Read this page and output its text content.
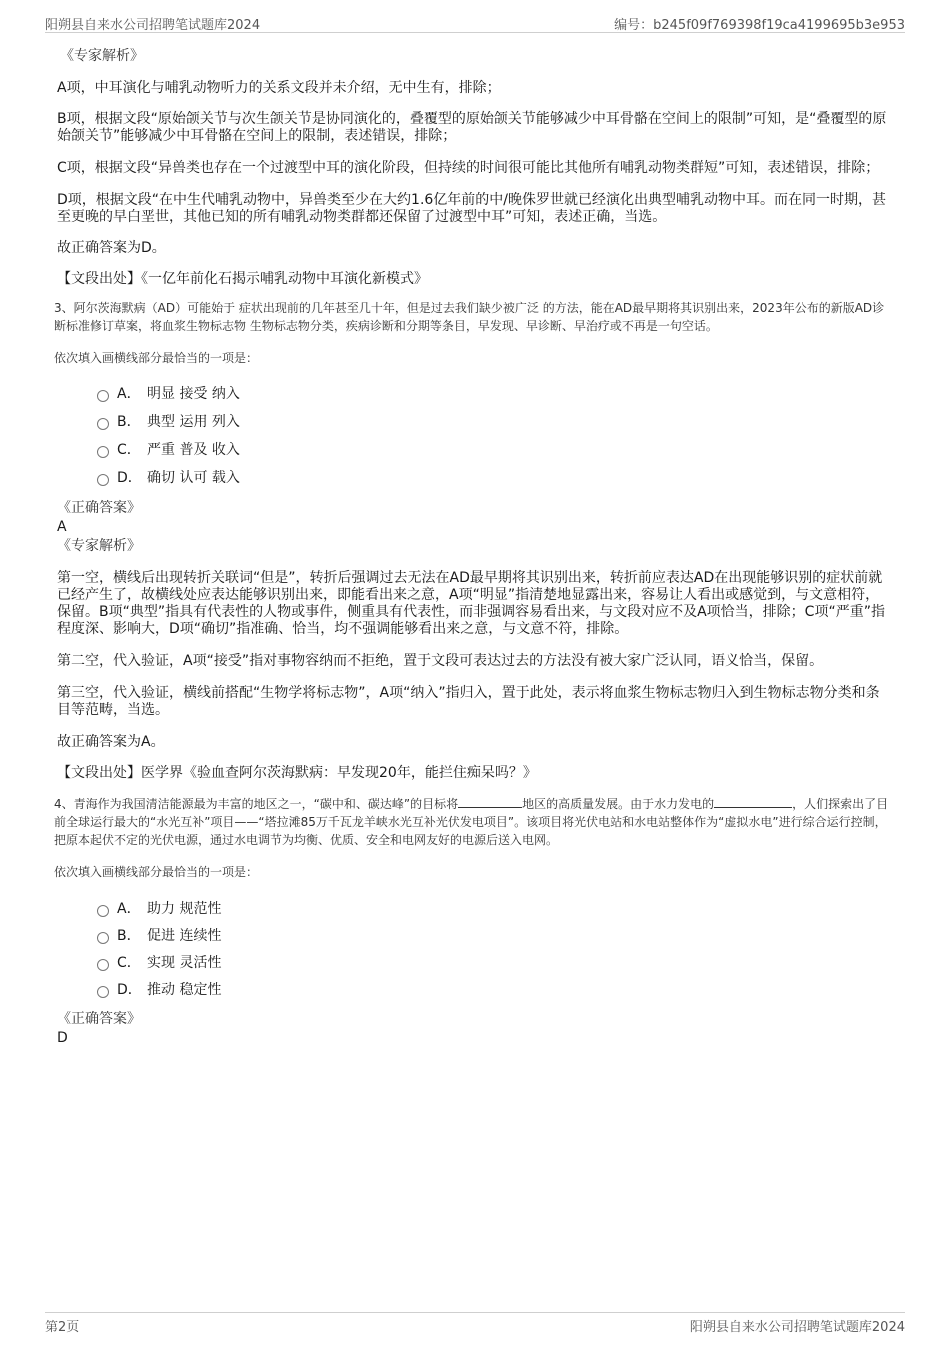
阳朔县自来水公司招聘笔试题库2024	编号：b245f09f769398f19ca4199695b3e953
《专家解析》

A项，中耳演化与哺乳动物听力的关系文段并未介绍，无中生有，排除；

B项，根据文段“原始颌关节与次生颌关节是协同演化的，叠覆型的原始颌关节能够减少中耳骨骼在空间上的限制”可知，是“叠覆型的原始颌关节”能够减少中耳骨骼在空间上的限制，表述错误，排除；

C项，根据文段“异兽类也存在一个过渡型中耳的演化阶段，但持续的时间很可能比其他所有哺乳动物类群短”可知，表述错误，排除；

D项，根据文段“在中生代哺乳动物中，异兽类至少在大约1.6亿年前的中/晚侏罗世就已经演化出典型哺乳动物中耳。而在同一时期，甚至更晚的早白垩世，其他已知的所有哺乳动物类群都还保留了过渡型中耳”可知，表述正确，当选。

故正确答案为D。

【文段出处】《一亿年前化石揭示哺乳动物中耳演化新模式》

3、阿尔茨海默病（AD）可能始于 症状出现前的几年甚至几十年，但是过去我们缺少被广泛 的方法，能在AD最早期将其识别出来，2023年公布的新版AD诊断标准修订草案，将血浆生物标志物 生物标志物分类，疾病诊断和分期等条目，早发现、早诊断、早治疗或不再是一句空话。

依次填入画横线部分最恰当的一项是：

A． 明显 接受 纳入
B． 典型 运用 列入
C． 严重 普及 收入
D． 确切 认可 载入
《正确答案》
A
《专家解析》

第一空，横线后出现转折关联词“但是”，转折后强调过去无法在AD最早期将其识别出来，转折前应表达AD在出现能够识别的症状前就已经产生了，故横线处应表达能够识别出来，即能看出来之意，A项“明显”指清楚地显露出来，容易让人看出或感觉到，与文意相符，保留。B项“典型”指具有代表性的人物或事件，侧重具有代表性，而非强调容易看出来，与文段对应不及A项恰当，排除；C项“严重”指程度深、影响大，D项“确切”指准确、恰当，均不强调能够看出来之意，与文意不符，排除。

第二空，代入验证，A项“接受”指对事物容纳而不拒绝，置于文段可表达过去的方法没有被大家广泛认同，语义恰当，保留。

第三空，代入验证，横线前搭配“生物学将标志物”，A项“纳入”指归入，置于此处，表示将血浆生物标志物归入到生物标志物分类和条目等范畴，当选。

故正确答案为A。

【文段出处】医学界《验血查阿尔茨海默病：早发现20年，能拦住痴呆吗？》

4、青海作为我国清洁能源最为丰富的地区之一，“碳中和、碳达峰”的目标将	地区的高质量发展。由于水力发电的	，人们探索出了目前全球运行最大的“水光互补”项目——“塔拉滩85万千瓦龙羊峡水光互补光伏发电项目”。该项目将光伏电站和水电站整体作为“虚拟水电”进行综合运行控制，把原本起伏不定的光伏电源，通过水电调节为均衡、优质、安全和电网友好的电源后送入电网。

依次填入画横线部分最恰当的一项是：

A． 助力 规范性
B． 促进 连续性
C． 实现 灵活性
D． 推动 稳定性
《正确答案》
D
第2页	阳朔县自来水公司招聘笔试题库2024
